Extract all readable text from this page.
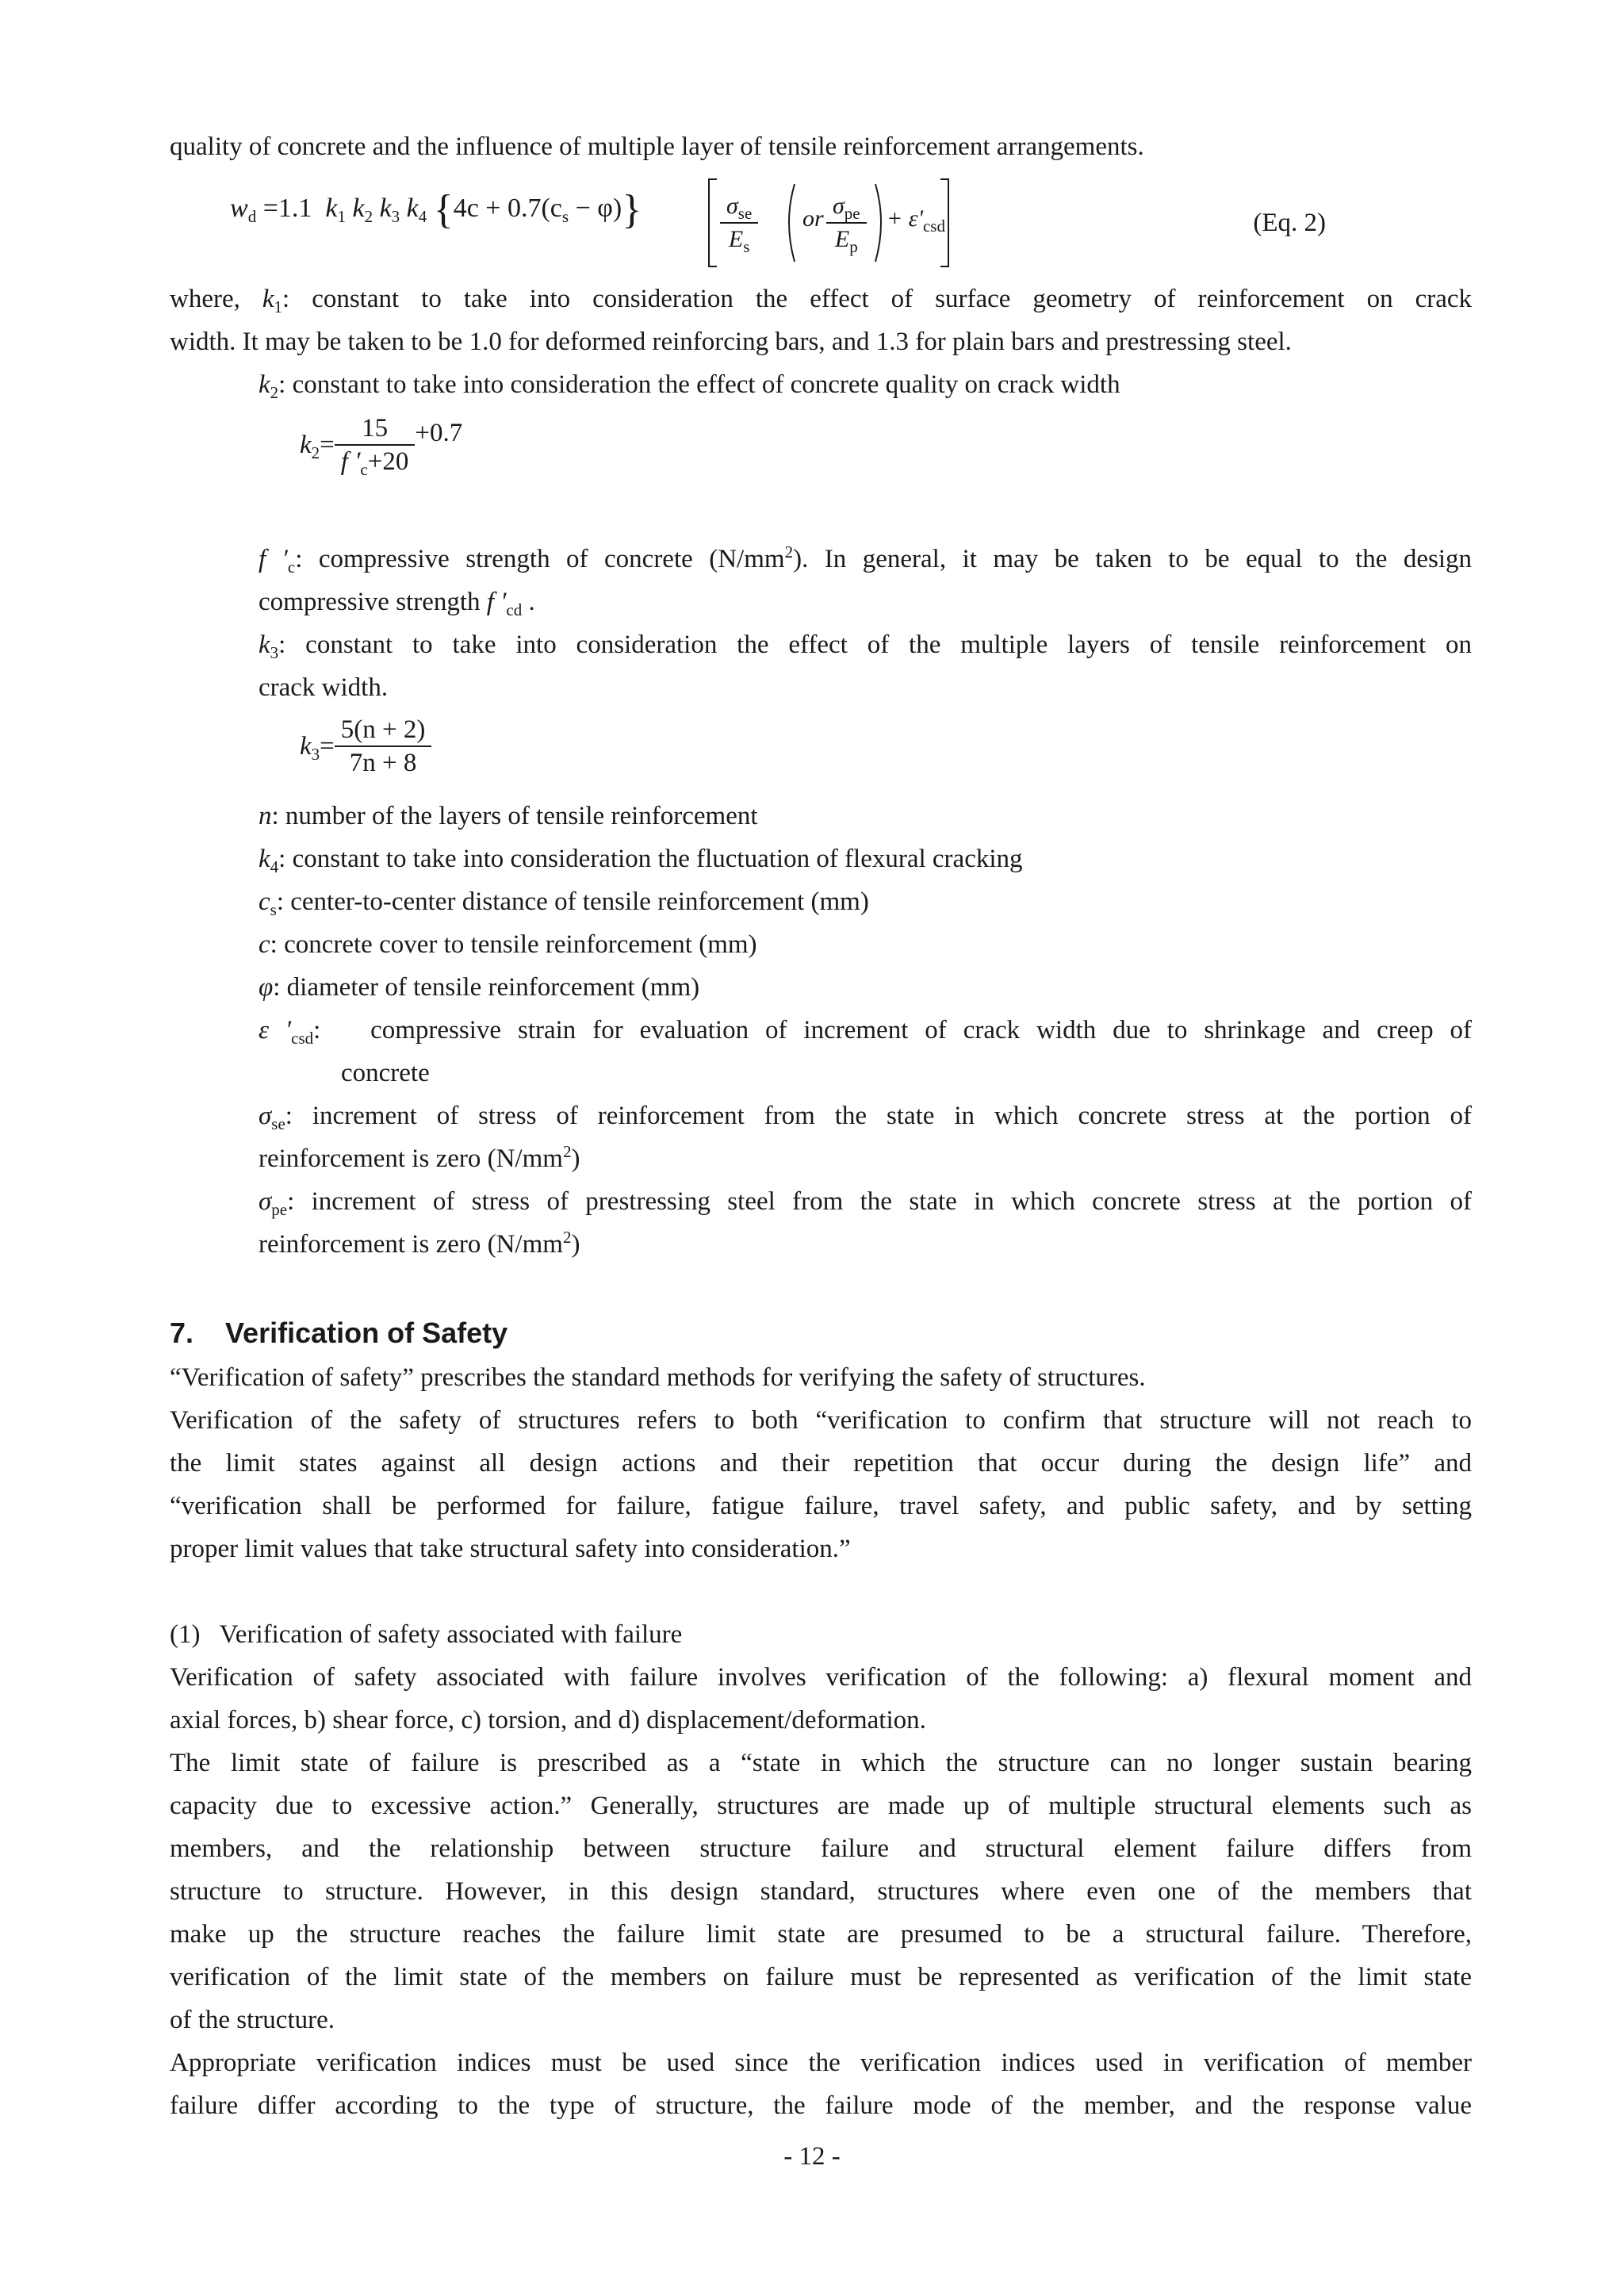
quality of concrete and the influence of multiple layer of tensile reinforcement arrangements.
$w_d =1.1$  $k_1$ $k_2$ $k_3$ $k_4$ $\{4c + 0.7(c_s - \varphi)\}$	$\sigma_{se}$
$E_s$
or $\sigma_{pe}$
$E_p$
+ $\varepsilon'_{csd}$	(Eq. 2)
where, $k_1$: constant to take into consideration the effect of surface geometry of reinforcement on crack
width. It may be taken to be 1.0 for deformed reinforcing bars, and 1.3 for plain bars and prestressing steel.
$k_2$: constant to take into consideration the effect of concrete quality on crack width
$k_2= \frac{15}{f '_c+20} +0.7$
f $'_c$: compressive strength of concrete $(N/mm^2)$. In general, it may be taken to be equal to the design
compressive strength f $'_{cd}$ .
$k_3$: constant to take into consideration the effect of the multiple layers of tensile reinforcement on
crack width.
$k_3= \frac{5(n + 2)}{7n + 8}$
n: number of the layers of tensile reinforcement
$k_4$: constant to take into consideration the fluctuation of flexural cracking
$c_s$: center-to-center distance of tensile reinforcement (mm)
c: concrete cover to tensile reinforcement (mm)
φ: diameter of tensile reinforcement (mm)
ε $'_{csd}$:   compressive strain for evaluation of increment of crack width due to shrinkage and creep of
concrete
$\sigma_{se}$: increment of stress of reinforcement from the state in which concrete stress at the portion of
reinforcement is zero $(N/mm^2)$
$\sigma_{pe}$: increment of stress of prestressing steel from the state in which concrete stress at the portion of
reinforcement is zero $(N/mm^2)$
7. Verification of Safety
“Verification of safety” prescribes the standard methods for verifying the safety of structures.
Verification of the safety of structures refers to both “verification to confirm that structure will not reach to
the limit states against all design actions and their repetition that occur during the design life” and
“verification shall be performed for failure, fatigue failure, travel safety, and public safety, and by setting
proper limit values that take structural safety into consideration.”
(1)   Verification of safety associated with failure
Verification of safety associated with failure involves verification of the following: a) flexural moment and
axial forces, b) shear force, c) torsion, and d) displacement/deformation.
The limit state of failure is prescribed as a “state in which the structure can no longer sustain bearing
capacity due to excessive action.” Generally, structures are made up of multiple structural elements such as
members, and the relationship between structure failure and structural element failure differs from
structure to structure. However, in this design standard, structures where even one of the members that
make up the structure reaches the failure limit state are presumed to be a structural failure. Therefore,
verification of the limit state of the members on failure must be represented as verification of the limit state
of the structure.
Appropriate verification indices must be used since the verification indices used in verification of member
failure differ according to the type of structure, the failure mode of the member, and the response value
- 12 -
